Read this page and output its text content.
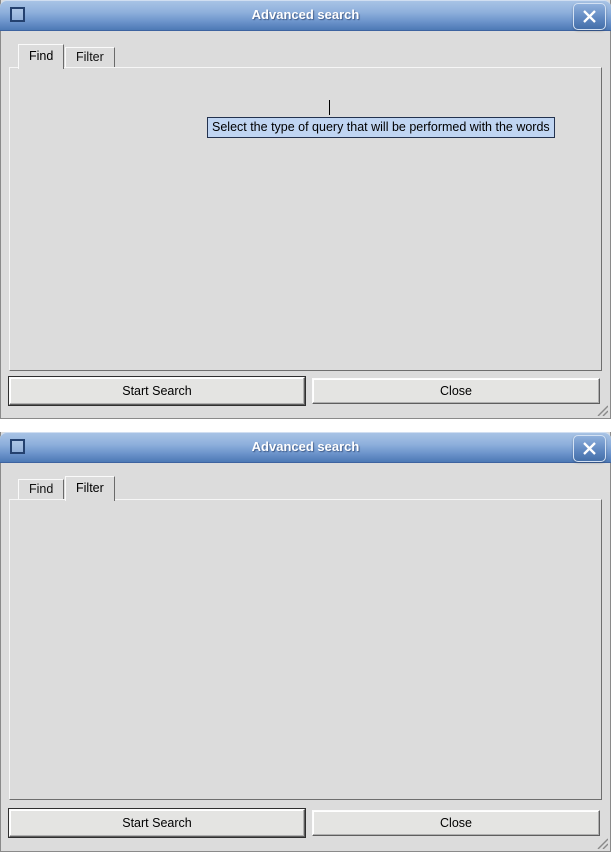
Advanced search
Find	Filter
Select the type of query that will be performed with the words
Start Search	Close
Advanced search
Find	Filter
Start Search	Close
